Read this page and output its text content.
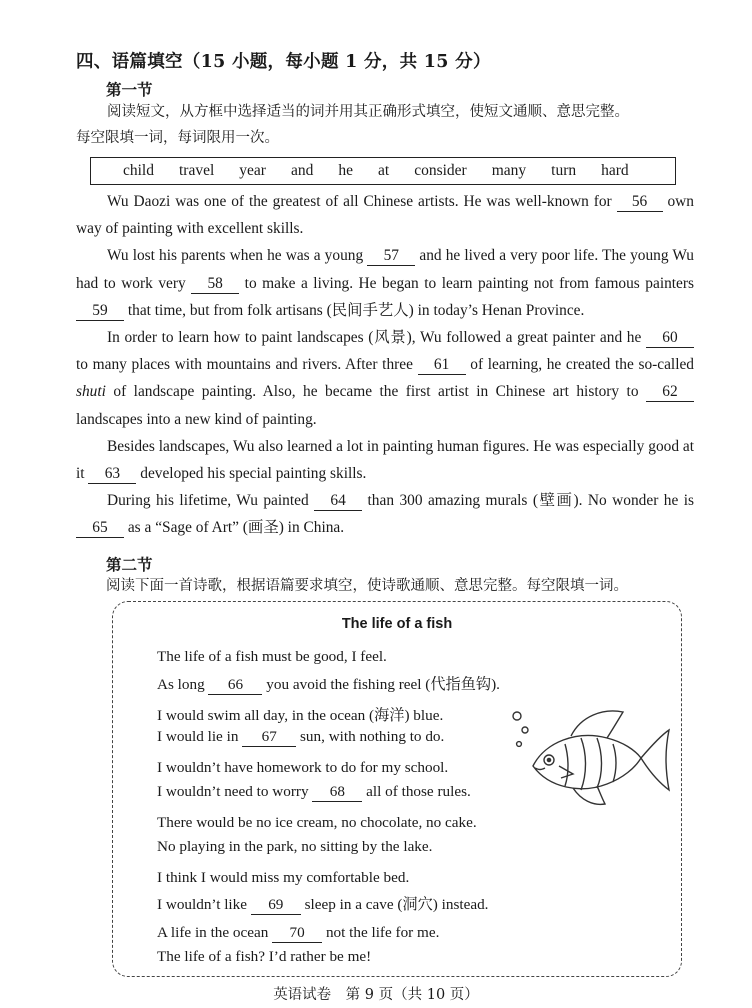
四、语篇填空（15 小题，每小题 1 分，共 15 分）
第一节
阅读短文，从方框中选择适当的词并用其正确形式填空，使短文通顺、意思完整。
每空限填一词，每词限用一次。
child travel year and he at consider many turn hard

Wu Daozi was one of the greatest of all Chinese artists. He was well-known for 56 own way of painting with excellent skills.

Wu lost his parents when he was a young 57 and he lived a very poor life. The young Wu had to work very 58 to make a living. He began to learn painting not from famous painters 59 that time, but from folk artisans (民间手艺人) in today’s Henan Province.

In order to learn how to paint landscapes (风景), Wu followed a great painter and he 60 to many places with mountains and rivers. After three 61 of learning, he created the so-called shuti of landscape painting. Also, he became the first artist in Chinese art history to 62 landscapes into a new kind of painting.

Besides landscapes, Wu also learned a lot in painting human figures. He was especially good at it 63 developed his special painting skills.

During his lifetime, Wu painted 64 than 300 amazing murals (壁画). No wonder he is 65 as a “Sage of Art” (画圣) in China.

第二节
阅读下面一首诗歌，根据语篇要求填空，使诗歌通顺、意思完整。每空限填一词。
The life of a fish
The life of a fish must be good, I feel.
As long 66 you avoid the fishing reel (代指鱼钩).
I would swim all day, in the ocean (海洋) blue.
I would lie in 67 sun, with nothing to do.
I wouldn’t have homework to do for my school.
I wouldn’t need to worry 68 all of those rules.
There would be no ice cream, no chocolate, no cake.
No playing in the park, no sitting by the lake.
I think I would miss my comfortable bed.
I wouldn’t like 69 sleep in a cave (洞穴) instead.
A life in the ocean 70 not the life for me.
The life of a fish? I’d rather be me!
英语试卷　第 9 页（共 10 页）
